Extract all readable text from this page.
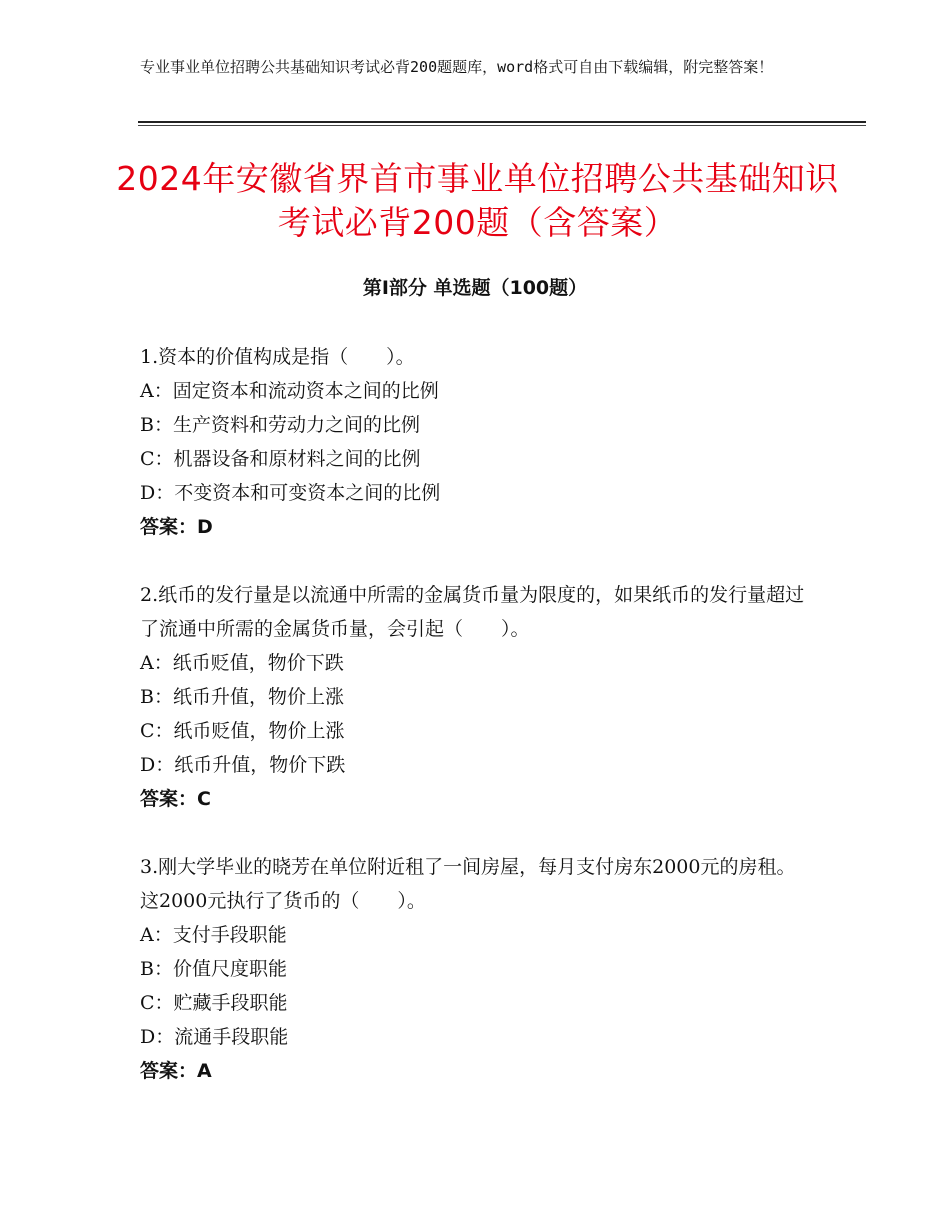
专业事业单位招聘公共基础知识考试必背200题题库，word格式可自由下载编辑，附完整答案！
2024年安徽省界首市事业单位招聘公共基础知识考试必背200题（含答案）
第Ⅰ部分 单选题（100题）
1.资本的价值构成是指（　　）。
A：固定资本和流动资本之间的比例
B：生产资料和劳动力之间的比例
C：机器设备和原材料之间的比例
D：不变资本和可变资本之间的比例
答案：D
2.纸币的发行量是以流通中所需的金属货币量为限度的，如果纸币的发行量超过了流通中所需的金属货币量，会引起（　　）。
A：纸币贬值，物价下跌
B：纸币升值，物价上涨
C：纸币贬值，物价上涨
D：纸币升值，物价下跌
答案：C
3.刚大学毕业的晓芳在单位附近租了一间房屋，每月支付房东2000元的房租。这2000元执行了货币的（　　）。
A：支付手段职能
B：价值尺度职能
C：贮藏手段职能
D：流通手段职能
答案：A
